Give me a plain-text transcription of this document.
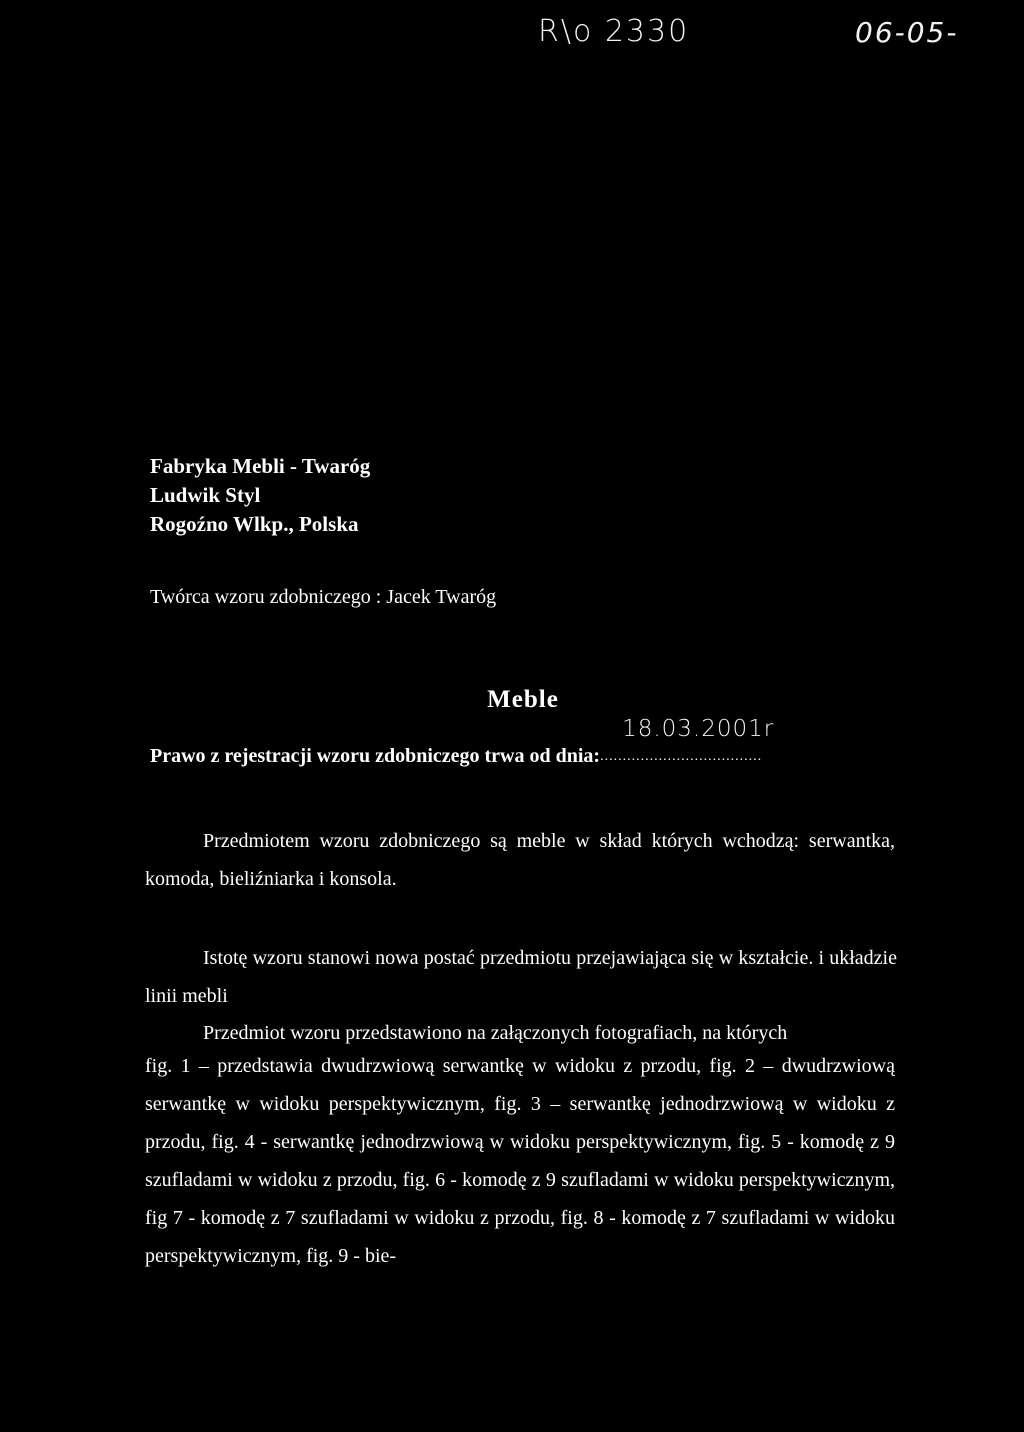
R\o 2330	06-05-
Fabryka Mebli - Twaróg
Ludwik Styl
Rogoźno Wlkp., Polska
Twórca wzoru zdobniczego : Jacek Twaróg
Meble
Prawo z rejestracji wzoru zdobniczego trwa od dnia:
18.03.2001r
....................................
Przedmiotem wzoru zdobniczego są meble w skład których wchodzą: serwantka, komoda, bieliźniarka i konsola.
Istotę wzoru stanowi nowa postać przedmiotu przejawiająca się w kształcie. i układzie linii mebli
Przedmiot wzoru przedstawiono na załączonych fotografiach, na których
fig. 1 – przedstawia dwudrzwiową serwantkę w widoku z przodu, fig. 2 – dwudrzwiową serwantkę w widoku perspektywicznym, fig. 3 – serwantkę jednodrzwiową w widoku z przodu, fig. 4 - serwantkę jednodrzwiową w widoku perspektywicznym, fig. 5 - komodę z 9 szufladami w widoku z przodu, fig. 6 - komodę z 9 szufladami w widoku perspektywicznym, fig 7 - komodę z 7 szufladami w widoku z przodu, fig. 8 - komodę z 7 szufladami w widoku perspektywicznym, fig. 9 - bie-
